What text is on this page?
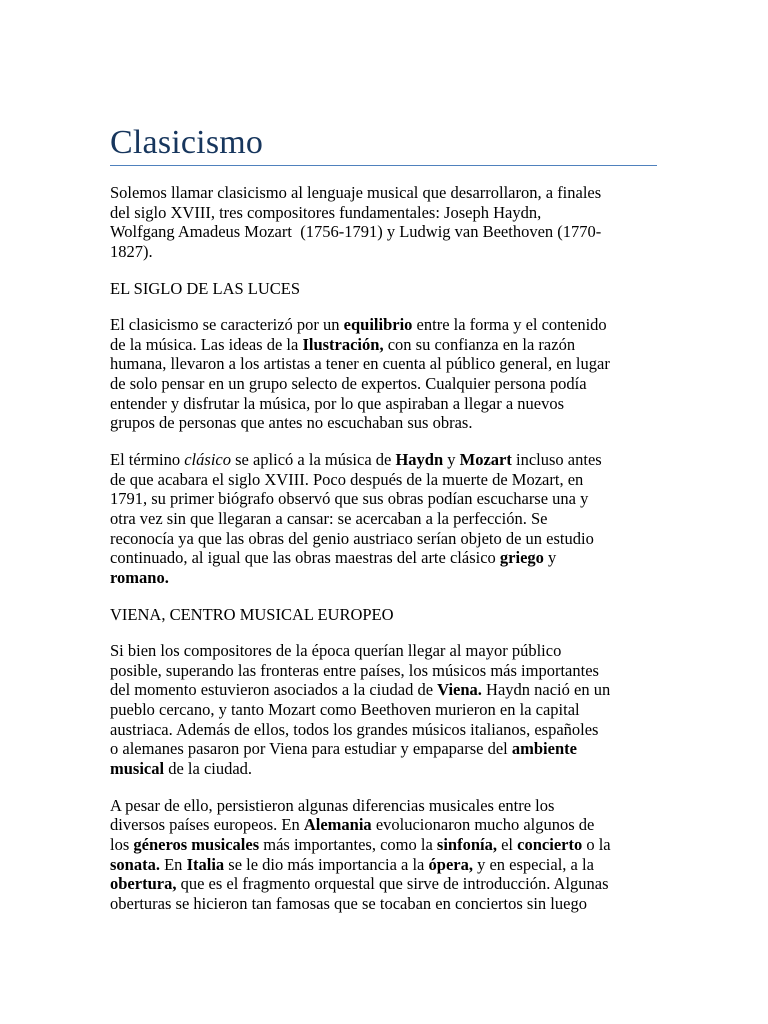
Clasicismo
Solemos llamar clasicismo al lenguaje musical que desarrollaron, a finales
del siglo XVIII, tres compositores fundamentales: Joseph Haydn,
Wolfgang Amadeus Mozart  (1756-1791) y Ludwig van Beethoven (1770-
1827).
EL SIGLO DE LAS LUCES
El clasicismo se caracterizó por un equilibrio entre la forma y el contenido
de la música. Las ideas de la Ilustración, con su confianza en la razón
humana, llevaron a los artistas a tener en cuenta al público general, en lugar
de solo pensar en un grupo selecto de expertos. Cualquier persona podía
entender y disfrutar la música, por lo que aspiraban a llegar a nuevos
grupos de personas que antes no escuchaban sus obras.
El término clásico se aplicó a la música de Haydn y Mozart incluso antes
de que acabara el siglo XVIII. Poco después de la muerte de Mozart, en
1791, su primer biógrafo observó que sus obras podían escucharse una y
otra vez sin que llegaran a cansar: se acercaban a la perfección. Se
reconocía ya que las obras del genio austriaco serían objeto de un estudio
continuado, al igual que las obras maestras del arte clásico griego y
romano.
VIENA, CENTRO MUSICAL EUROPEO
Si bien los compositores de la época querían llegar al mayor público
posible, superando las fronteras entre países, los músicos más importantes
del momento estuvieron asociados a la ciudad de Viena. Haydn nació en un
pueblo cercano, y tanto Mozart como Beethoven murieron en la capital
austriaca. Además de ellos, todos los grandes músicos italianos, españoles
o alemanes pasaron por Viena para estudiar y empaparse del ambiente
musical de la ciudad.
A pesar de ello, persistieron algunas diferencias musicales entre los
diversos países europeos. En Alemania evolucionaron mucho algunos de
los géneros musicales más importantes, como la sinfonía, el concierto o la
sonata. En Italia se le dio más importancia a la ópera, y en especial, a la
obertura, que es el fragmento orquestal que sirve de introducción. Algunas
oberturas se hicieron tan famosas que se tocaban en conciertos sin luego
